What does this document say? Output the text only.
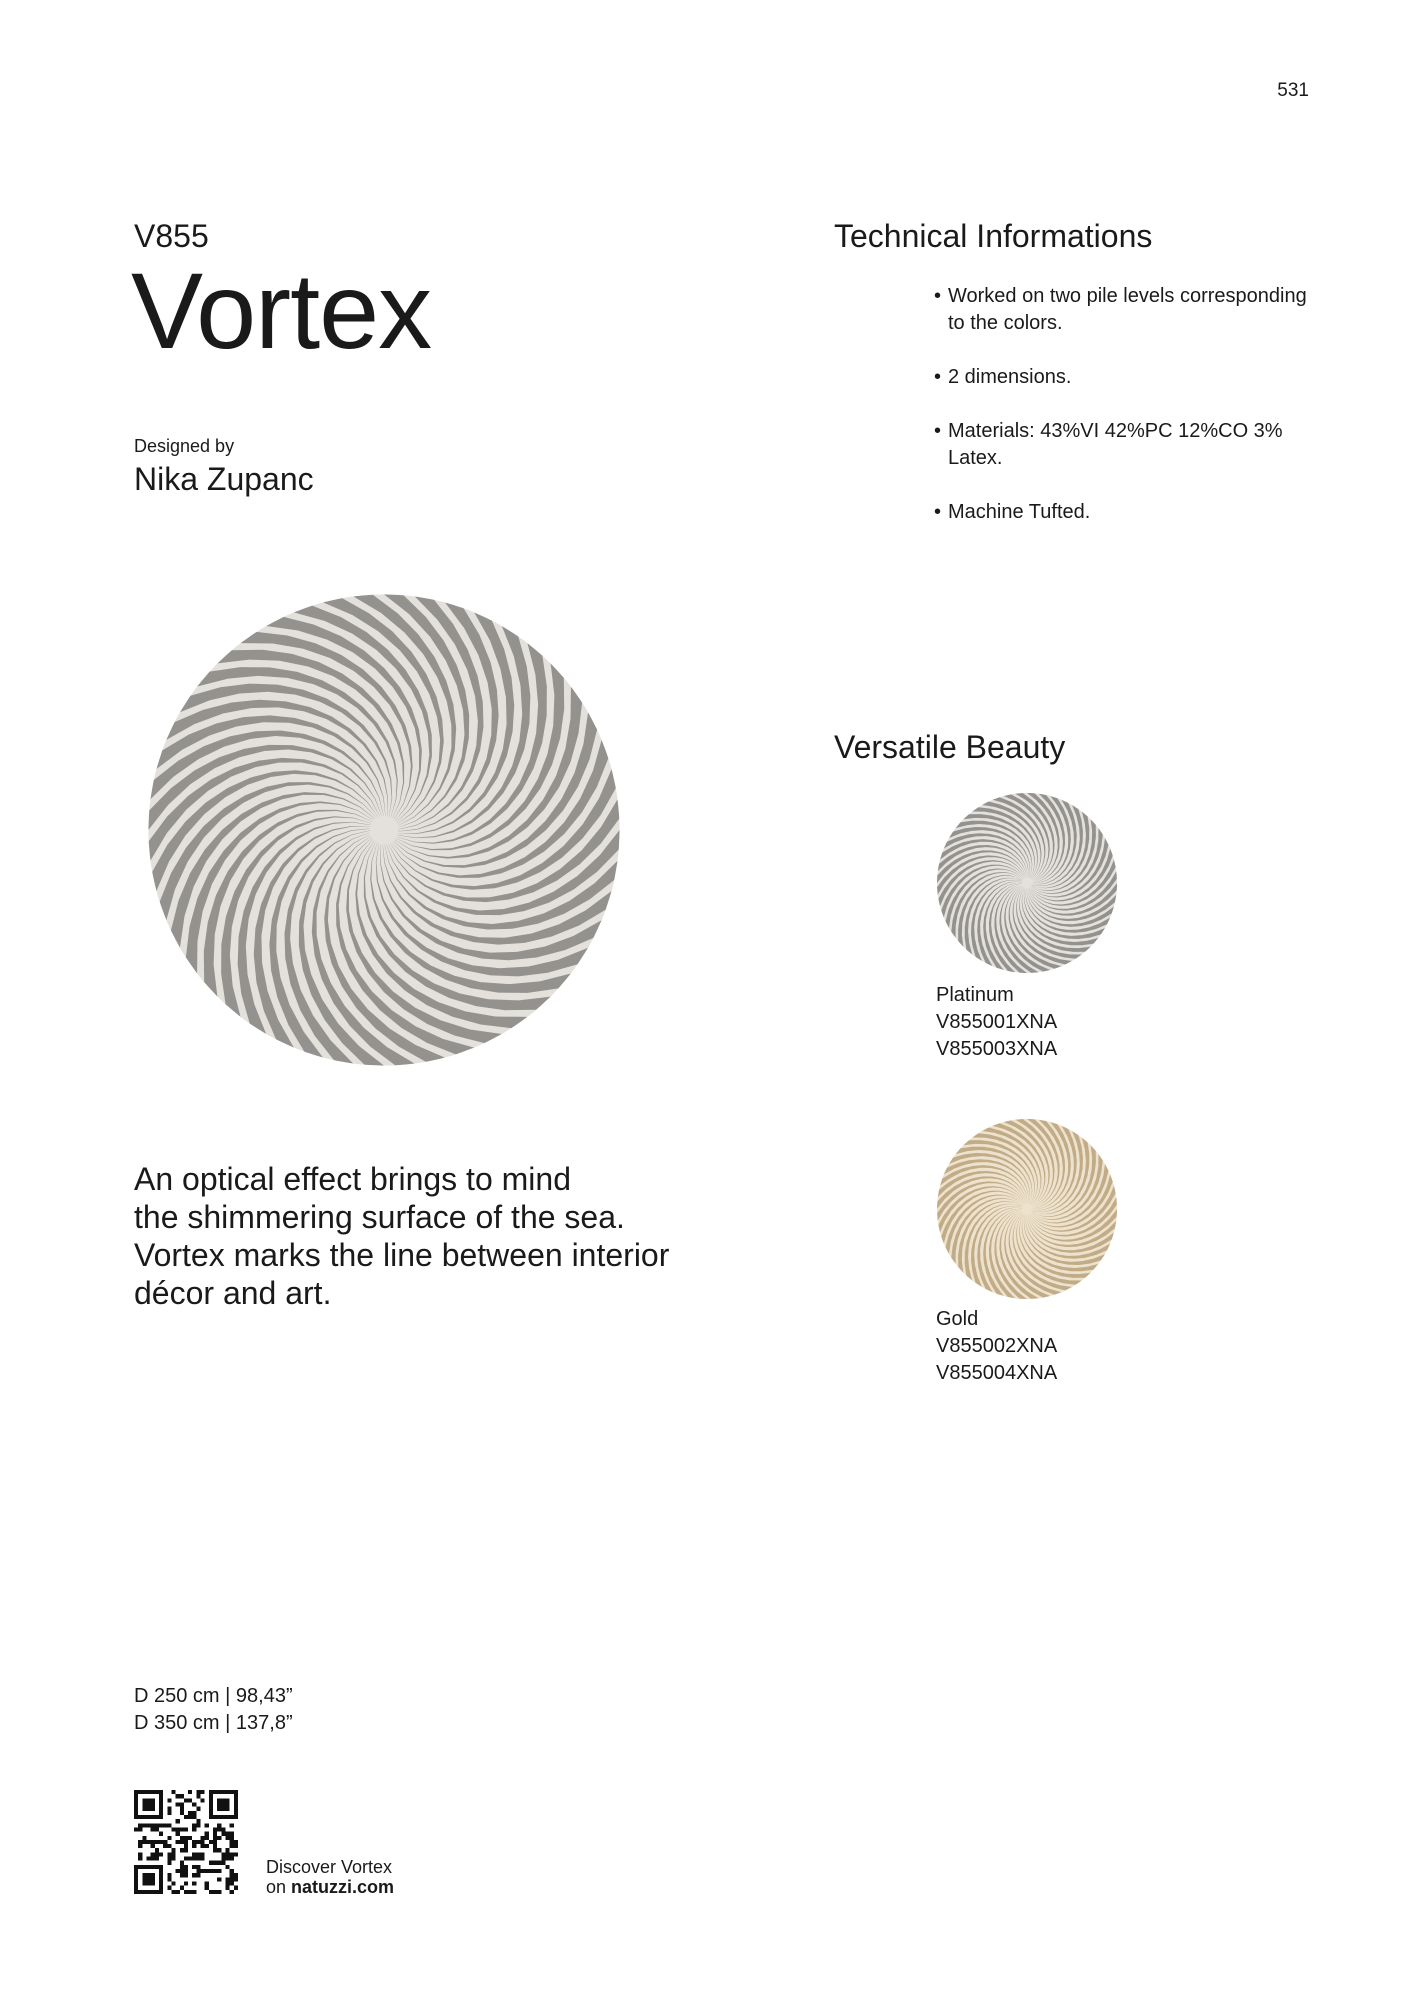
531
V855
Vortex
Designed by
Nika Zupanc
Technical Informations
• Worked on two pile levels corresponding to the colors.
• 2 dimensions.
• Materials: 43%VI 42%PC 12%CO 3% Latex.
• Machine Tufted.
An optical effect brings to mind
the shimmering surface of the sea.
Vortex marks the line between interior
décor and art.
Versatile Beauty
Platinum
V855001XNA
V855003XNA
Gold
V855002XNA
V855004XNA
D 250 cm | 98,43”
D 350 cm | 137,8”
Discover Vortex
on natuzzi.com
